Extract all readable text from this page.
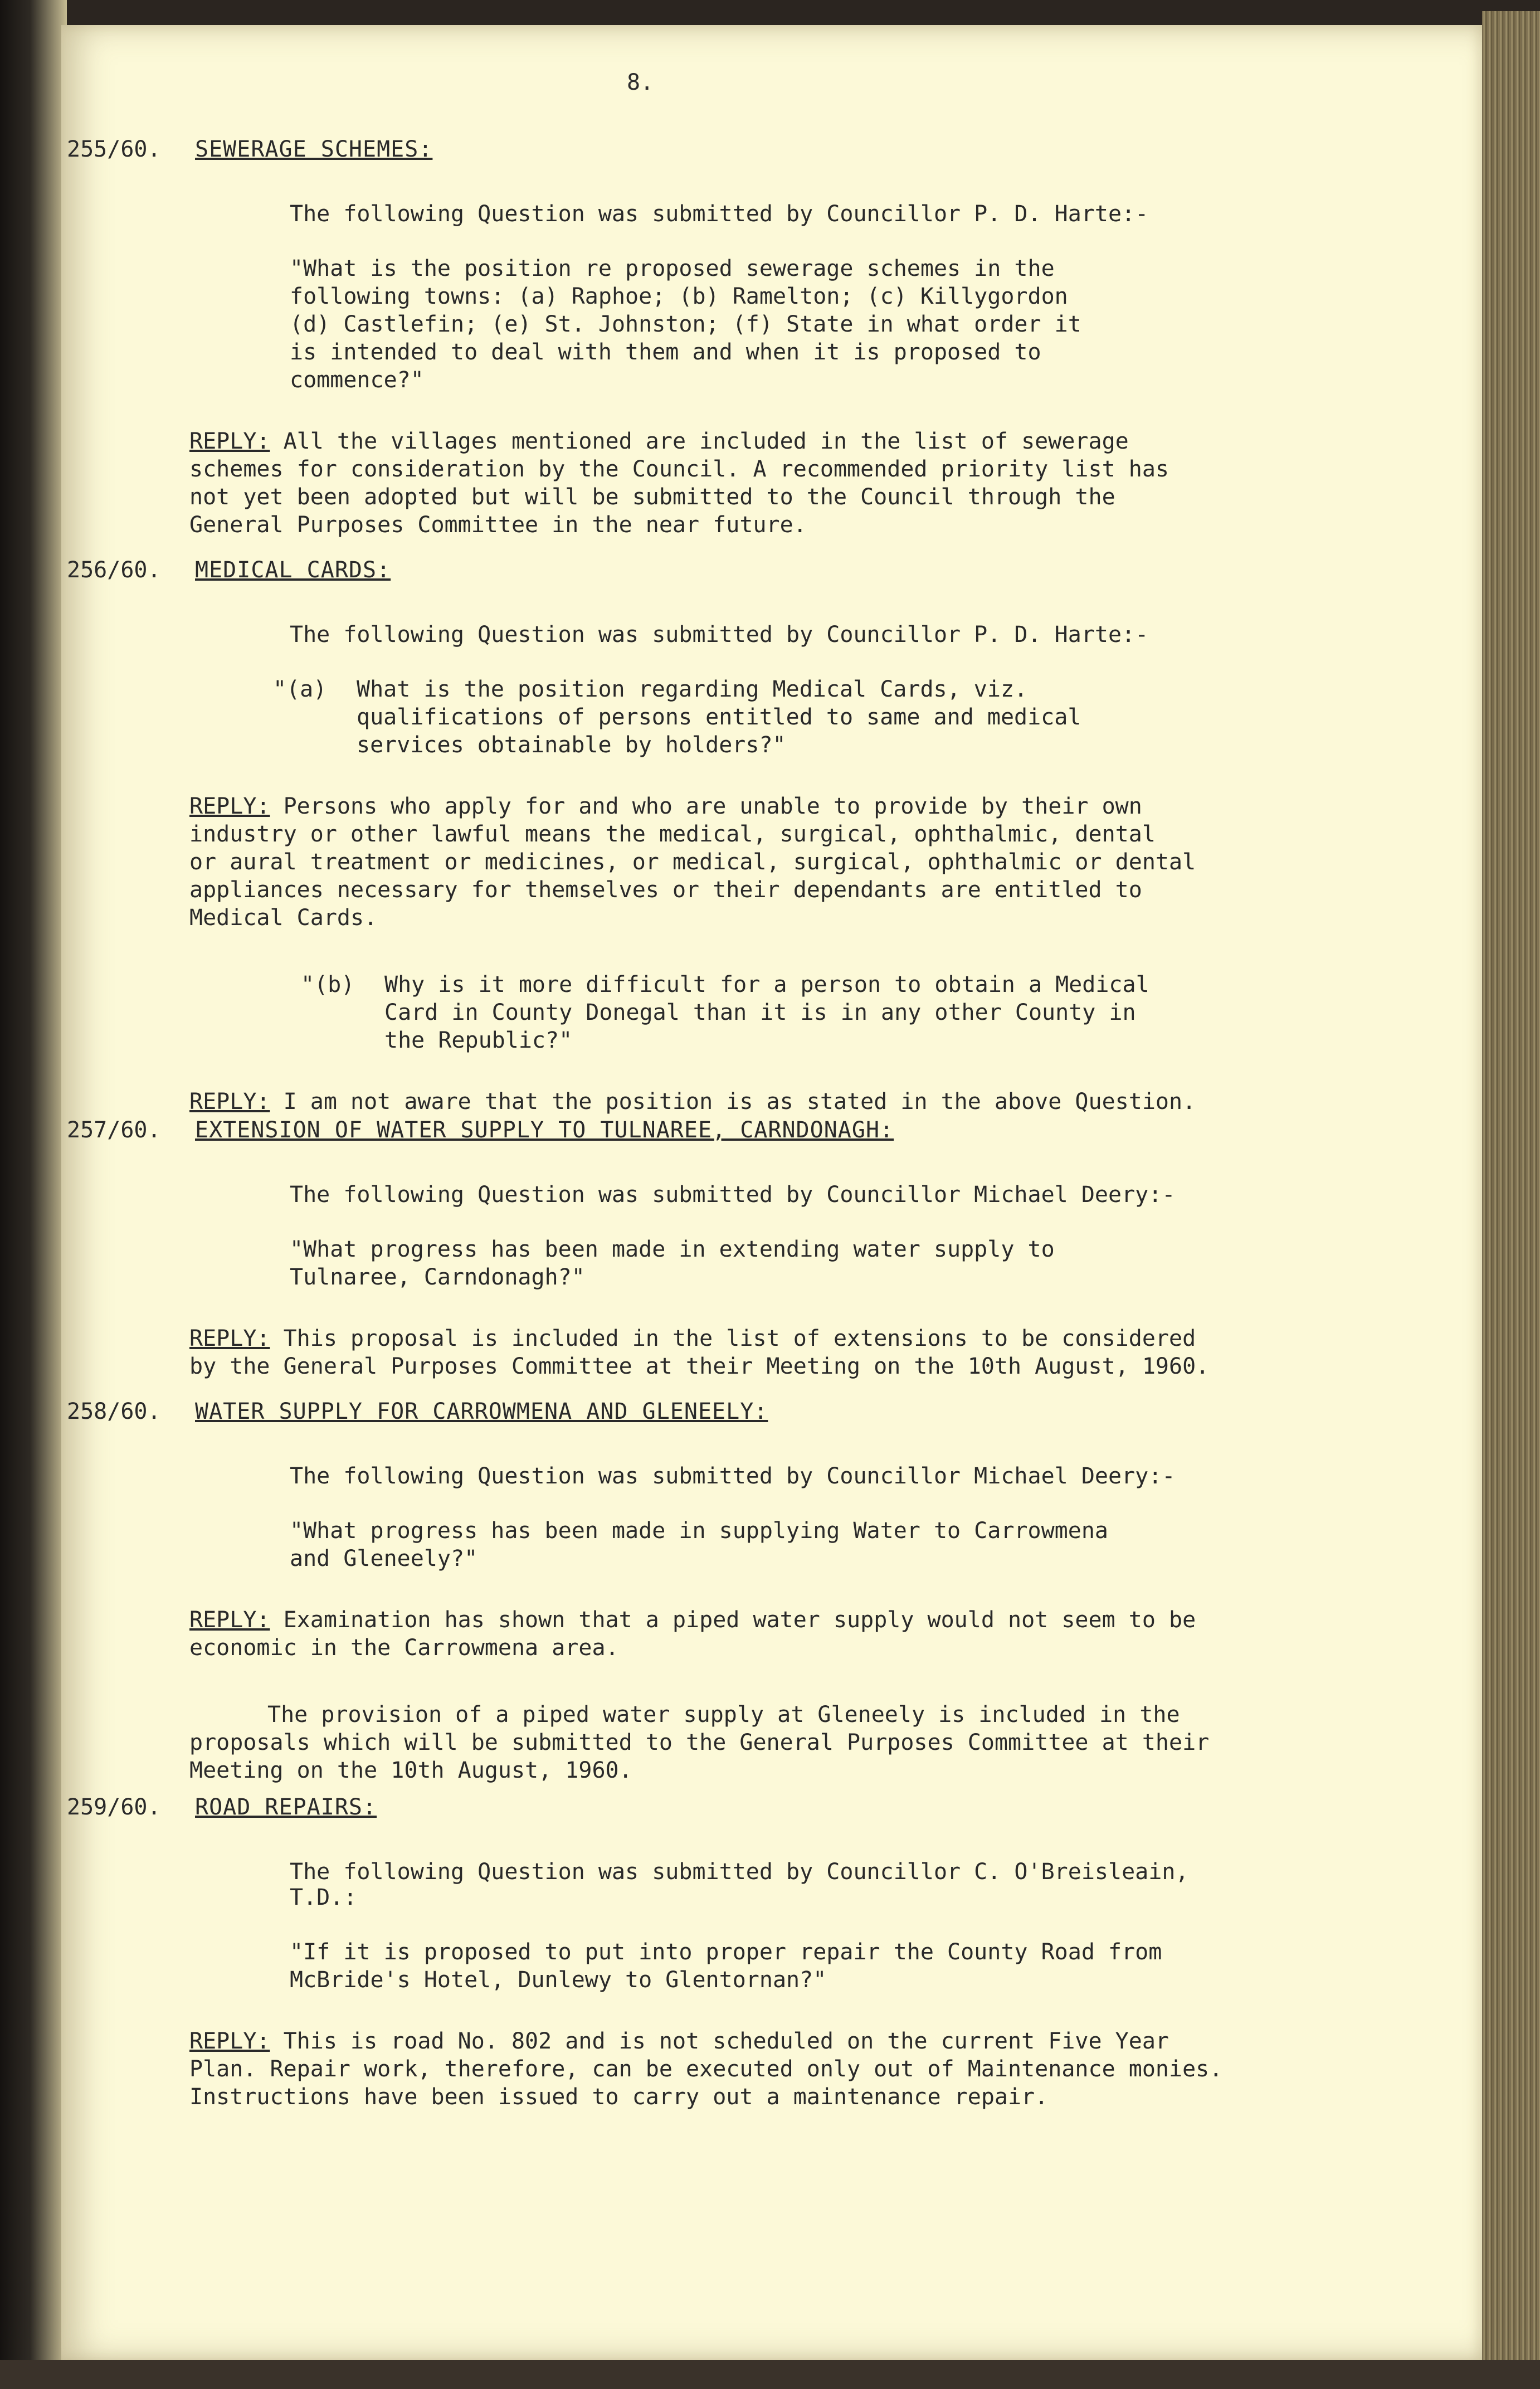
8.
255/60. SEWERAGE SCHEMES:
The following Question was submitted by Councillor P. D. Harte:-
"What is the position re proposed sewerage schemes in the
following towns: (a) Raphoe; (b) Ramelton; (c) Killygordon
(d) Castlefin; (e) St. Johnston; (f) State in what order it
is intended to deal with them and when it is proposed to
commence?"
REPLY: All the villages mentioned are included in the list of sewerage
schemes for consideration by the Council. A recommended priority list has
not yet been adopted but will be submitted to the Council through the
General Purposes Committee in the near future.
256/60. MEDICAL CARDS:
The following Question was submitted by Councillor P. D. Harte:-
"(a)	What is the position regarding Medical Cards, viz.
qualifications of persons entitled to same and medical
services obtainable by holders?"
REPLY: Persons who apply for and who are unable to provide by their own
industry or other lawful means the medical, surgical, ophthalmic, dental
or aural treatment or medicines, or medical, surgical, ophthalmic or dental
appliances necessary for themselves or their dependants are entitled to
Medical Cards.
"(b)	Why is it more difficult for a person to obtain a Medical
Card in County Donegal than it is in any other County in
the Republic?"
REPLY: I am not aware that the position is as stated in the above Question.
257/60. EXTENSION OF WATER SUPPLY TO TULNAREE, CARNDONAGH:
The following Question was submitted by Councillor Michael Deery:-
"What progress has been made in extending water supply to
Tulnaree, Carndonagh?"
REPLY: This proposal is included in the list of extensions to be considered
by the General Purposes Committee at their Meeting on the 10th August, 1960.
258/60. WATER SUPPLY FOR CARROWMENA AND GLENEELY:
The following Question was submitted by Councillor Michael Deery:-
"What progress has been made in supplying Water to Carrowmena
and Gleneely?"
REPLY: Examination has shown that a piped water supply would not seem to be
economic in the Carrowmena area.
The provision of a piped water supply at Gleneely is included in the
proposals which will be submitted to the General Purposes Committee at their
Meeting on the 10th August, 1960.
259/60. ROAD REPAIRS:
The following Question was submitted by Councillor C. O'Breisleain, T.D.:
"If it is proposed to put into proper repair the County Road from
McBride's Hotel, Dunlewy to Glentornan?"
REPLY: This is road No. 802 and is not scheduled on the current Five Year
Plan. Repair work, therefore, can be executed only out of Maintenance monies.
Instructions have been issued to carry out a maintenance repair.
